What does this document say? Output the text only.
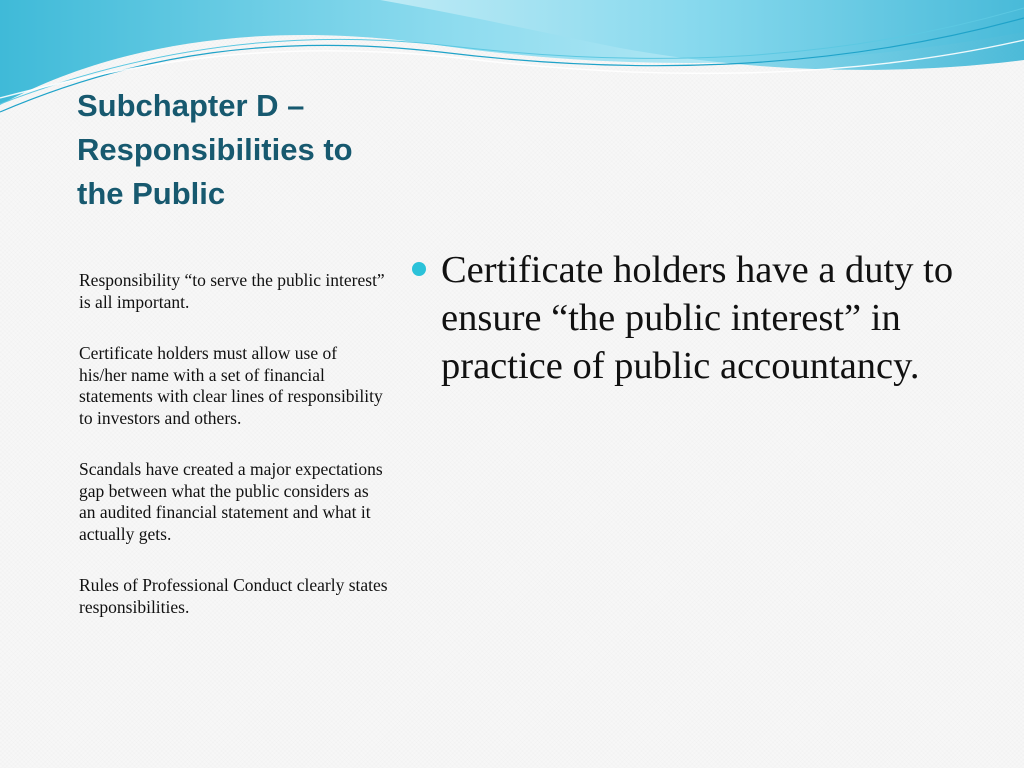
Subchapter D – Responsibilities to the Public

Responsibility “to serve the public interest” is all important.

Certificate holders must allow use of his/her name with a set of financial statements with clear lines of responsibility to investors and others.

Scandals have created a major expectations gap between what the public considers as an audited financial statement and what it actually gets.

Rules of Professional Conduct clearly states responsibilities.

Certificate holders have a duty to ensure “the public interest” in practice of public accountancy.
